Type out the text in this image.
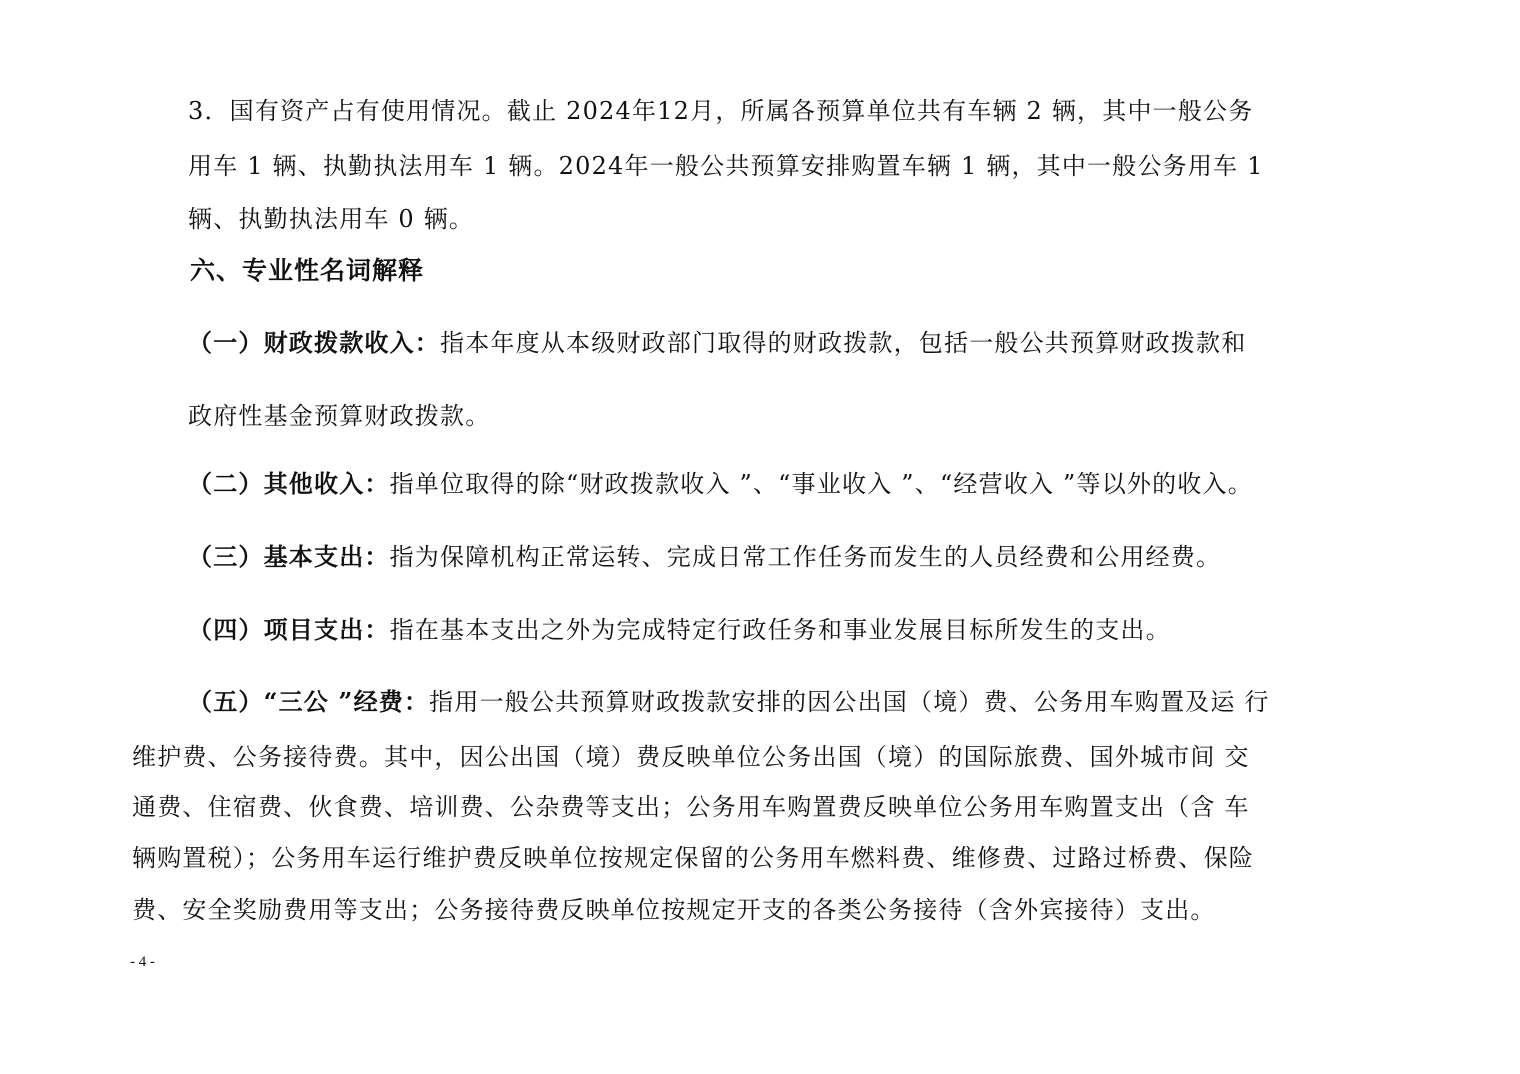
3．国有资产占有使用情况。截止 2024年12月，所属各预算单位共有车辆 2 辆，其中一般公务
用车 1 辆、执勤执法用车 1 辆。2024年一般公共预算安排购置车辆 1 辆，其中一般公务用车 1
辆、执勤执法用车 0 辆。
六、专业性名词解释
（一）财政拨款收入：指本年度从本级财政部门取得的财政拨款，包括一般公共预算财政拨款和
政府性基金预算财政拨款。
（二）其他收入：指单位取得的除“财政拨款收入 ”、“事业收入 ”、“经营收入 ”等以外的收入。
（三）基本支出：指为保障机构正常运转、完成日常工作任务而发生的人员经费和公用经费。
（四）项目支出：指在基本支出之外为完成特定行政任务和事业发展目标所发生的支出。
（五）“三公 ”经费：指用一般公共预算财政拨款安排的因公出国（境）费、公务用车购置及运 行
维护费、公务接待费。其中，因公出国（境）费反映单位公务出国（境）的国际旅费、国外城市间 交
通费、住宿费、伙食费、培训费、公杂费等支出；公务用车购置费反映单位公务用车购置支出（含 车
辆购置税）；公务用车运行维护费反映单位按规定保留的公务用车燃料费、维修费、过路过桥费、保险
费、安全奖励费用等支出；公务接待费反映单位按规定开支的各类公务接待（含外宾接待）支出。
- 4 -
